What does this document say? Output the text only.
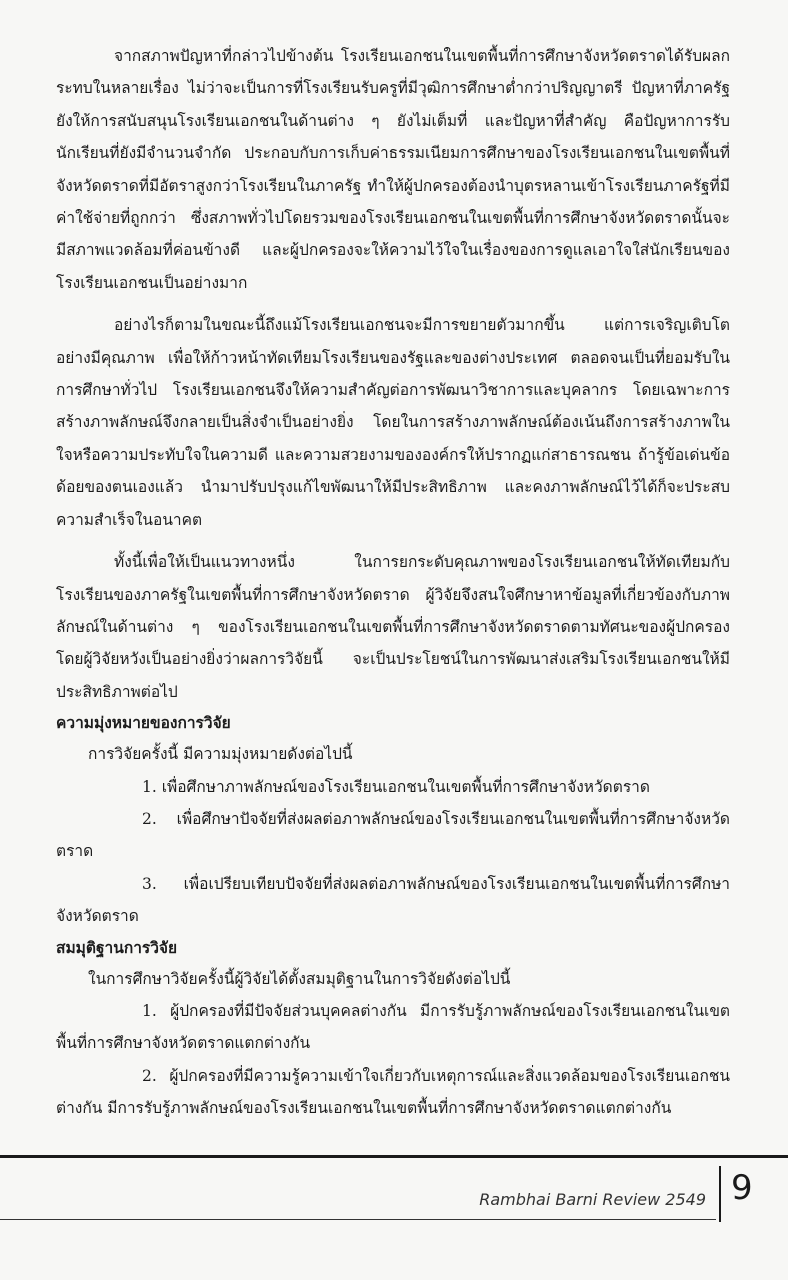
จากสภาพปัญหาที่กล่าวไปข้างต้น โรงเรียนเอกชนในเขตพื้นที่การศึกษาจังหวัดตราดได้รับผลกระทบในหลายเรื่อง ไม่ว่าจะเป็นการที่โรงเรียนรับครูที่มีวุฒิการศึกษาต่ำกว่าปริญญาตรี ปัญหาที่ภาครัฐยังให้การสนับสนุนโรงเรียนเอกชนในด้านต่าง ๆ ยังไม่เต็มที่ และปัญหาที่สำคัญ คือปัญหาการรับนักเรียนที่ยังมีจำนวนจำกัด ประกอบกับการเก็บค่าธรรมเนียมการศึกษาของโรงเรียนเอกชนในเขตพื้นที่จังหวัดตราดที่มีอัตราสูงกว่าโรงเรียนในภาครัฐ ทำให้ผู้ปกครองต้องนำบุตรหลานเข้าโรงเรียนภาครัฐที่มีค่าใช้จ่ายที่ถูกกว่า ซึ่งสภาพทั่วไปโดยรวมของโรงเรียนเอกชนในเขตพื้นที่การศึกษาจังหวัดตราดนั้นจะมีสภาพแวดล้อมที่ค่อนข้างดี และผู้ปกครองจะให้ความไว้ใจในเรื่องของการดูแลเอาใจใส่นักเรียนของโรงเรียนเอกชนเป็นอย่างมาก

อย่างไรก็ตามในขณะนี้ถึงแม้โรงเรียนเอกชนจะมีการขยายตัวมากขึ้น แต่การเจริญเติบโตอย่างมีคุณภาพ เพื่อให้ก้าวหน้าทัดเทียมโรงเรียนของรัฐและของต่างประเทศ ตลอดจนเป็นที่ยอมรับในการศึกษาทั่วไป โรงเรียนเอกชนจึงให้ความสำคัญต่อการพัฒนาวิชาการและบุคลากร โดยเฉพาะการสร้างภาพลักษณ์จึงกลายเป็นสิ่งจำเป็นอย่างยิ่ง โดยในการสร้างภาพลักษณ์ต้องเน้นถึงการสร้างภาพในใจหรือความประทับใจในความดี และความสวยงามขององค์กรให้ปรากฏแก่สาธารณชน ถ้ารู้ข้อเด่นข้อด้อยของตนเองแล้ว นำมาปรับปรุงแก้ไขพัฒนาให้มีประสิทธิภาพ และคงภาพลักษณ์ไว้ได้ก็จะประสบความสำเร็จในอนาคต

ทั้งนี้เพื่อให้เป็นแนวทางหนึ่ง ในการยกระดับคุณภาพของโรงเรียนเอกชนให้ทัดเทียมกับโรงเรียนของภาครัฐในเขตพื้นที่การศึกษาจังหวัดตราด ผู้วิจัยจึงสนใจศึกษาหาข้อมูลที่เกี่ยวข้องกับภาพลักษณ์ในด้านต่าง ๆ ของโรงเรียนเอกชนในเขตพื้นที่การศึกษาจังหวัดตราดตามทัศนะของผู้ปกครอง โดยผู้วิจัยหวังเป็นอย่างยิ่งว่าผลการวิจัยนี้ จะเป็นประโยชน์ในการพัฒนาส่งเสริมโรงเรียนเอกชนให้มีประสิทธิภาพต่อไป

ความมุ่งหมายของการวิจัย

การวิจัยครั้งนี้ มีความมุ่งหมายดังต่อไปนี้

1. เพื่อศึกษาภาพลักษณ์ของโรงเรียนเอกชนในเขตพื้นที่การศึกษาจังหวัดตราด

2. เพื่อศึกษาปัจจัยที่ส่งผลต่อภาพลักษณ์ของโรงเรียนเอกชนในเขตพื้นที่การศึกษาจังหวัดตราด

3. เพื่อเปรียบเทียบปัจจัยที่ส่งผลต่อภาพลักษณ์ของโรงเรียนเอกชนในเขตพื้นที่การศึกษาจังหวัดตราด

สมมุติฐานการวิจัย

ในการศึกษาวิจัยครั้งนี้ผู้วิจัยได้ตั้งสมมุติฐานในการวิจัยดังต่อไปนี้

1. ผู้ปกครองที่มีปัจจัยส่วนบุคคลต่างกัน มีการรับรู้ภาพลักษณ์ของโรงเรียนเอกชนในเขตพื้นที่การศึกษาจังหวัดตราดแตกต่างกัน

2. ผู้ปกครองที่มีความรู้ความเข้าใจเกี่ยวกับเหตุการณ์และสิ่งแวดล้อมของโรงเรียนเอกชนต่างกัน มีการรับรู้ภาพลักษณ์ของโรงเรียนเอกชนในเขตพื้นที่การศึกษาจังหวัดตราดแตกต่างกัน

Rambhai Barni Review 2549 9
